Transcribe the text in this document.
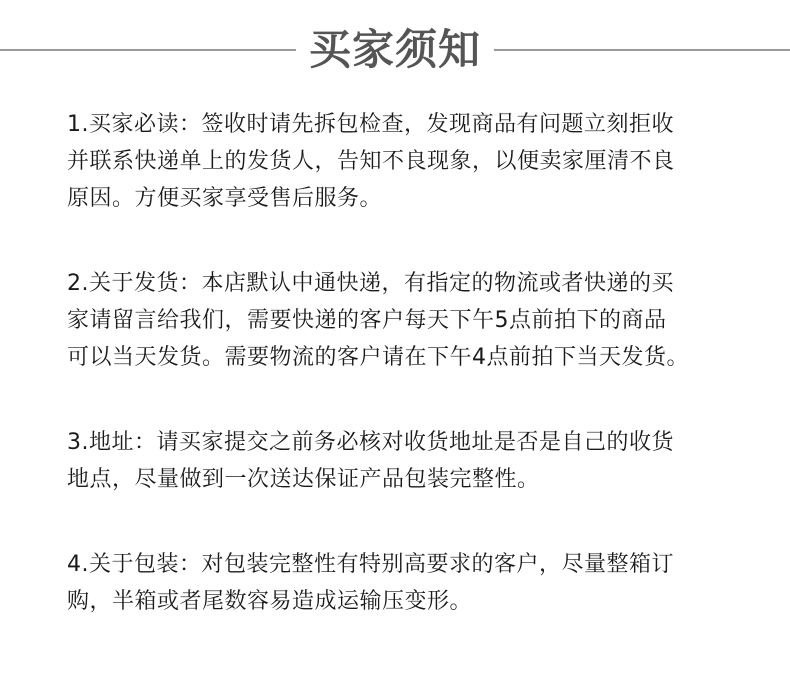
买家须知

1.买家必读：签收时请先拆包检查，发现商品有问题立刻拒收

并联系快递单上的发货人，告知不良现象，以便卖家厘清不良

原因。方便买家享受售后服务。

2.关于发货：本店默认中通快递，有指定的物流或者快递的买

家请留言给我们，需要快递的客户每天下午5点前拍下的商品

可以当天发货。需要物流的客户请在下午4点前拍下当天发货。

3.地址：请买家提交之前务必核对收货地址是否是自己的收货

地点，尽量做到一次送达保证产品包装完整性。

4.关于包装：对包装完整性有特别高要求的客户，尽量整箱订

购，半箱或者尾数容易造成运输压变形。
